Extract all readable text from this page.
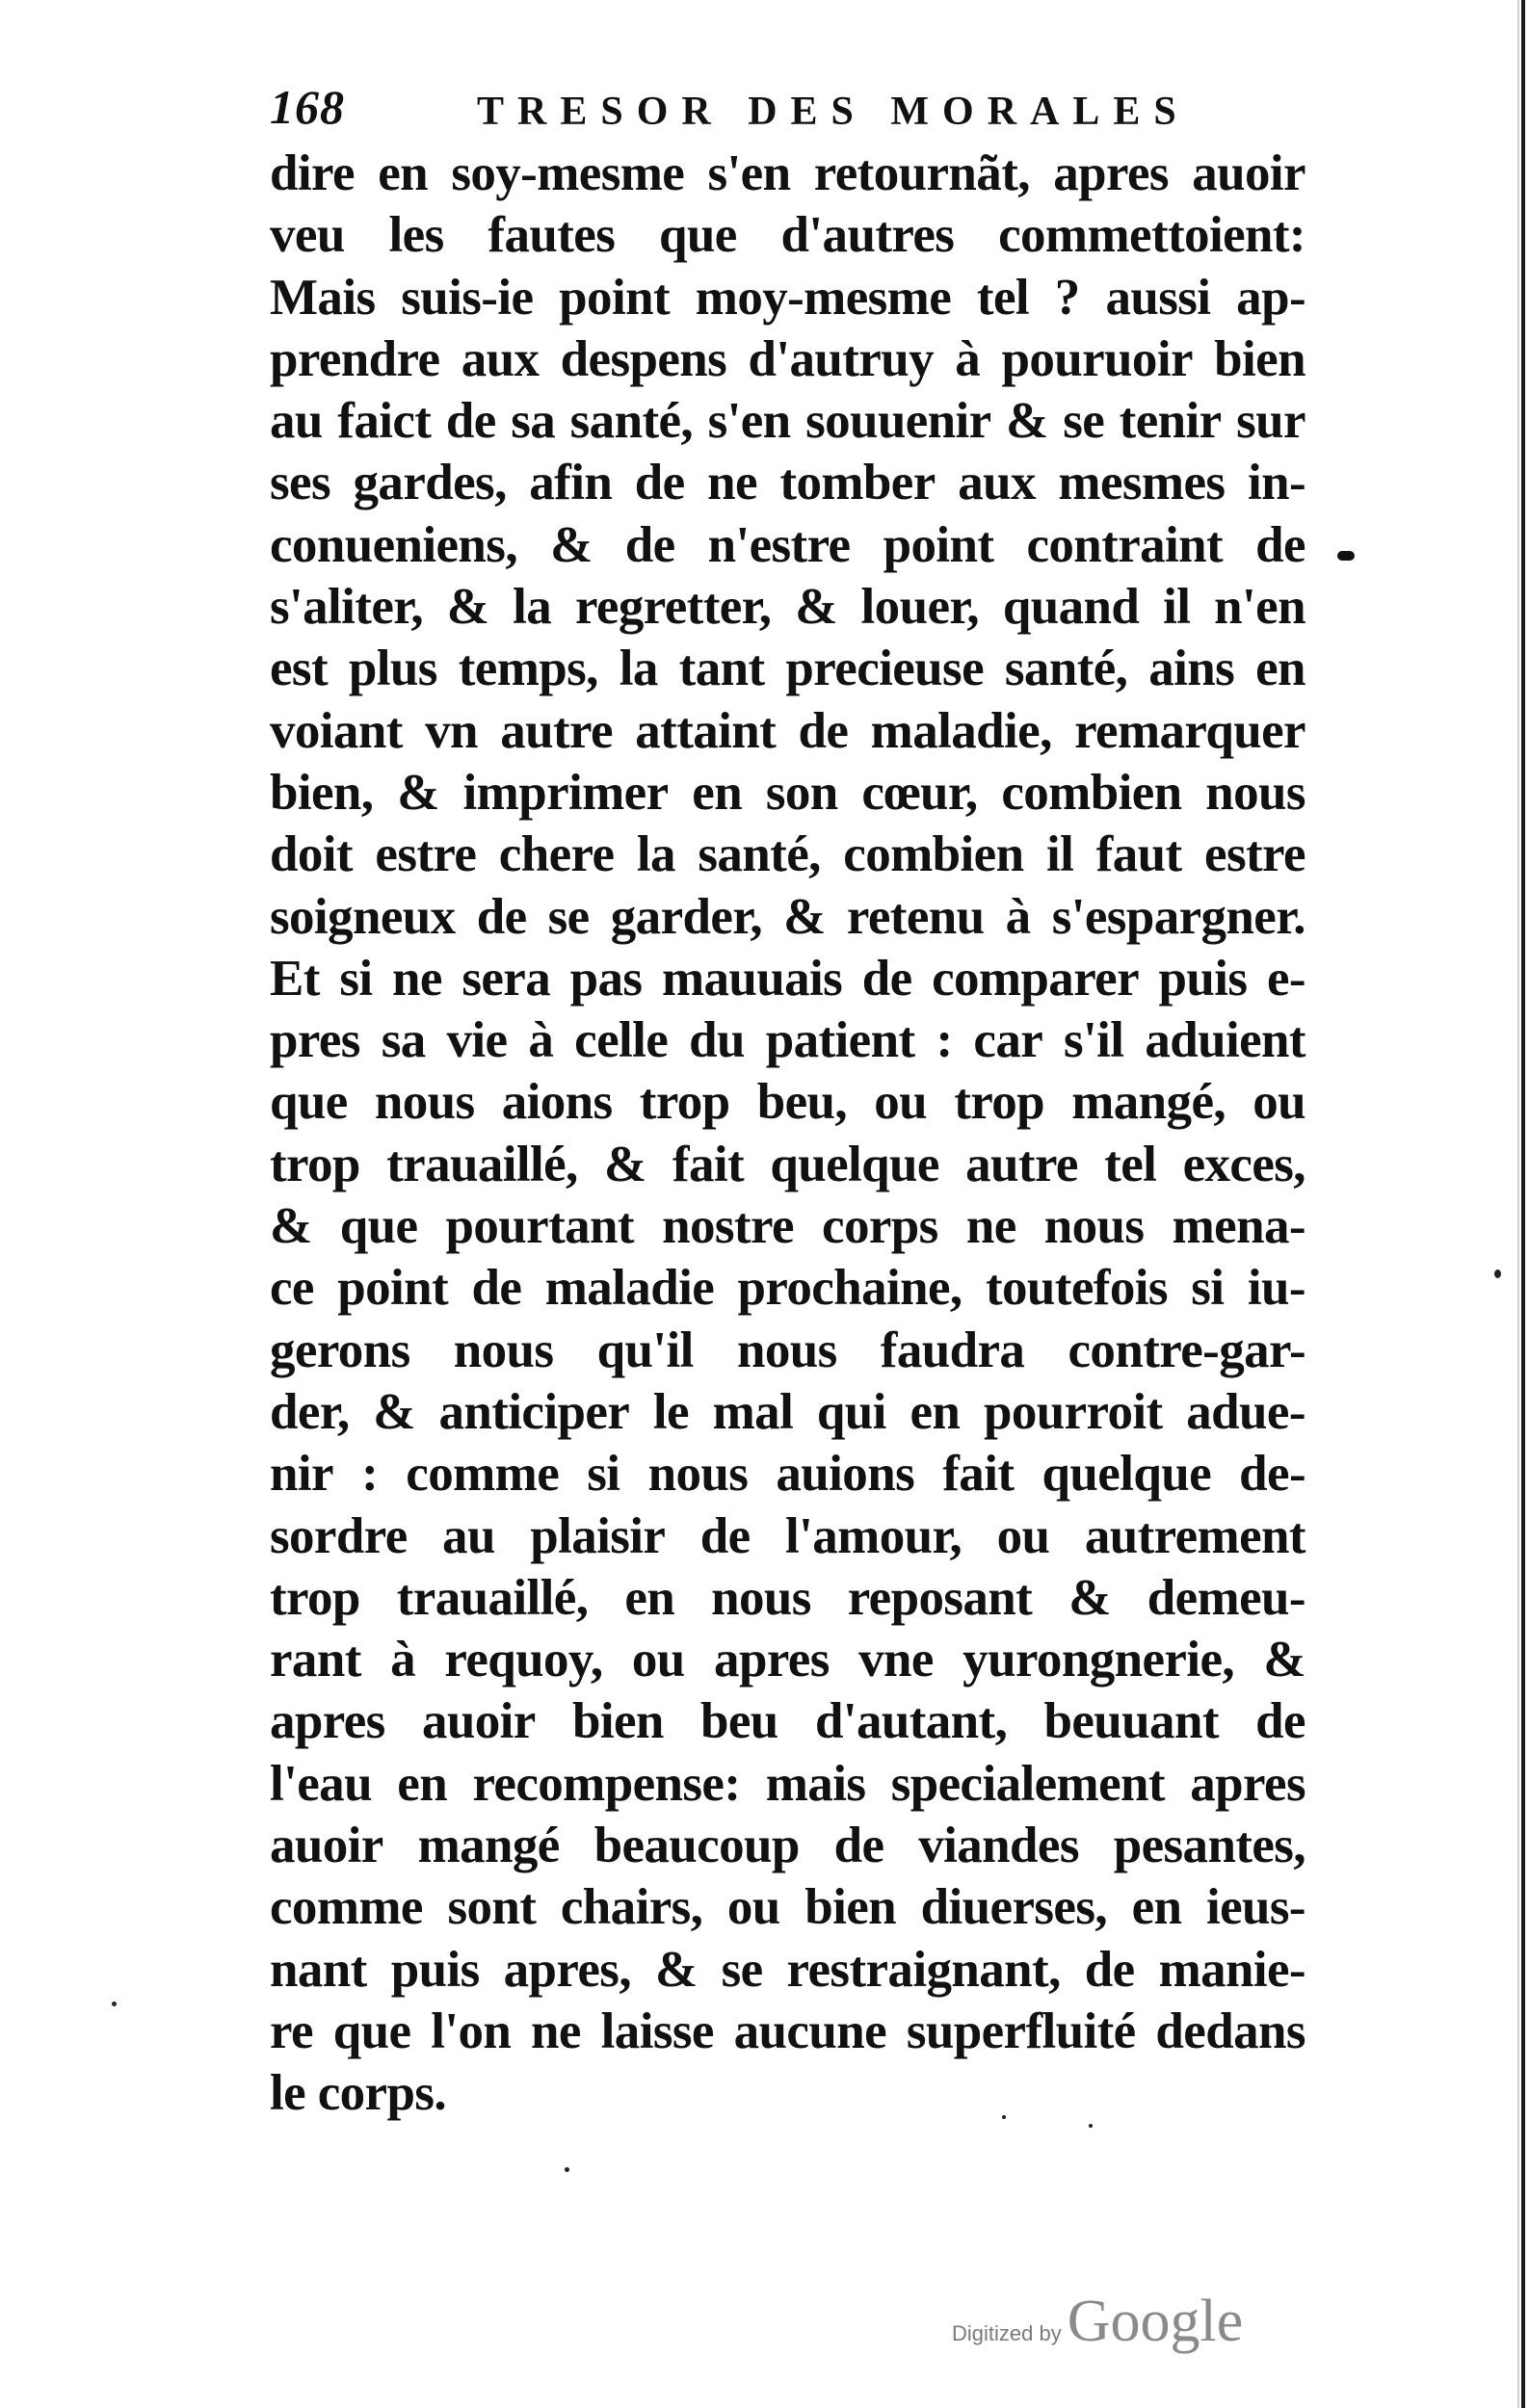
168	TRESOR DES MORALES
dire en soy-mesme s'en retournãt, apres auoir
veu les fautes que d'autres commettoient:
Mais suis-ie point moy-mesme tel ? aussi ap-
prendre aux despens d'autruy à pouruoir bien
au faict de sa santé, s'en souuenir & se tenir sur
ses gardes, afin de ne tomber aux mesmes in-
conueniens, & de n'estre point contraint de
s'aliter, & la regretter, & louer, quand il n'en
est plus temps, la tant precieuse santé, ains en
voiant vn autre attaint de maladie, remarquer
bien, & imprimer en son cœur, combien nous
doit estre chere la santé, combien il faut estre
soigneux de se garder, & retenu à s'espargner.
Et si ne sera pas mauuais de comparer puis e-
pres sa vie à celle du patient : car s'il aduient
que nous aions trop beu, ou trop mangé, ou
trop trauaillé, & fait quelque autre tel exces,
& que pourtant nostre corps ne nous mena-
ce point de maladie prochaine, toutefois si iu-
gerons nous qu'il nous faudra contre-gar-
der, & anticiper le mal qui en pourroit adue-
nir : comme si nous auions fait quelque de-
sordre au plaisir de l'amour, ou autrement
trop trauaillé, en nous reposant & demeu-
rant à requoy, ou apres vne yurongnerie, &
apres auoir bien beu d'autant, beuuant de
l'eau en recompense: mais specialement apres
auoir mangé beaucoup de viandes pesantes,
comme sont chairs, ou bien diuerses, en ieus-
nant puis apres, & se restraignant, de manie-
re que l'on ne laisse aucune superfluité dedans
le corps.
Digitized byGoogle
